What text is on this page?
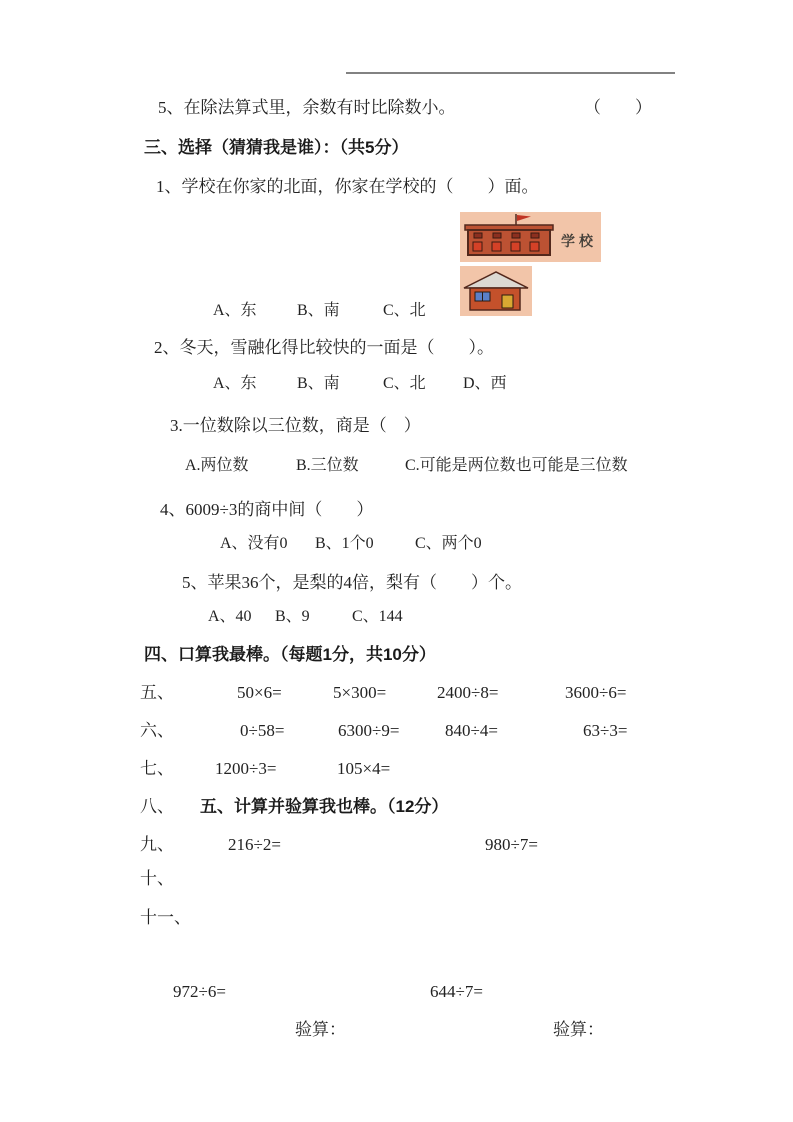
5、在除法算式里，余数有时比除数小。	（　　）
三、选择（猜猜我是谁）：（共5分）
1、学校在你家的北面，你家在学校的（　　）面。
学校
A、东	B、南	C、北
2、冬天，雪融化得比较快的一面是（　　）。
A、东	B、南	C、北 D、西
3.一位数除以三位数，商是（　）
A.两位数	B.三位数	C.可能是两位数也可能是三位数
4、6009÷3的商中间（　　）
A、没有0 B、1个0	C、两个0
5、苹果36个，是梨的4倍，梨有（　　）个。
A、40 B、9	C、144
四、口算我最棒。（每题1分，共10分）
五、	50×6=	5×300=	2400÷8=	3600÷6=
六、	0÷58=	6300÷9=	840÷4=	63÷3=
七、 1200÷3=	105×4=
八、 五、计算并验算我也棒。（12分）
九、	216÷2=	980÷7=
十、
十一、
972÷6=	644÷7=
验算：	验算：
